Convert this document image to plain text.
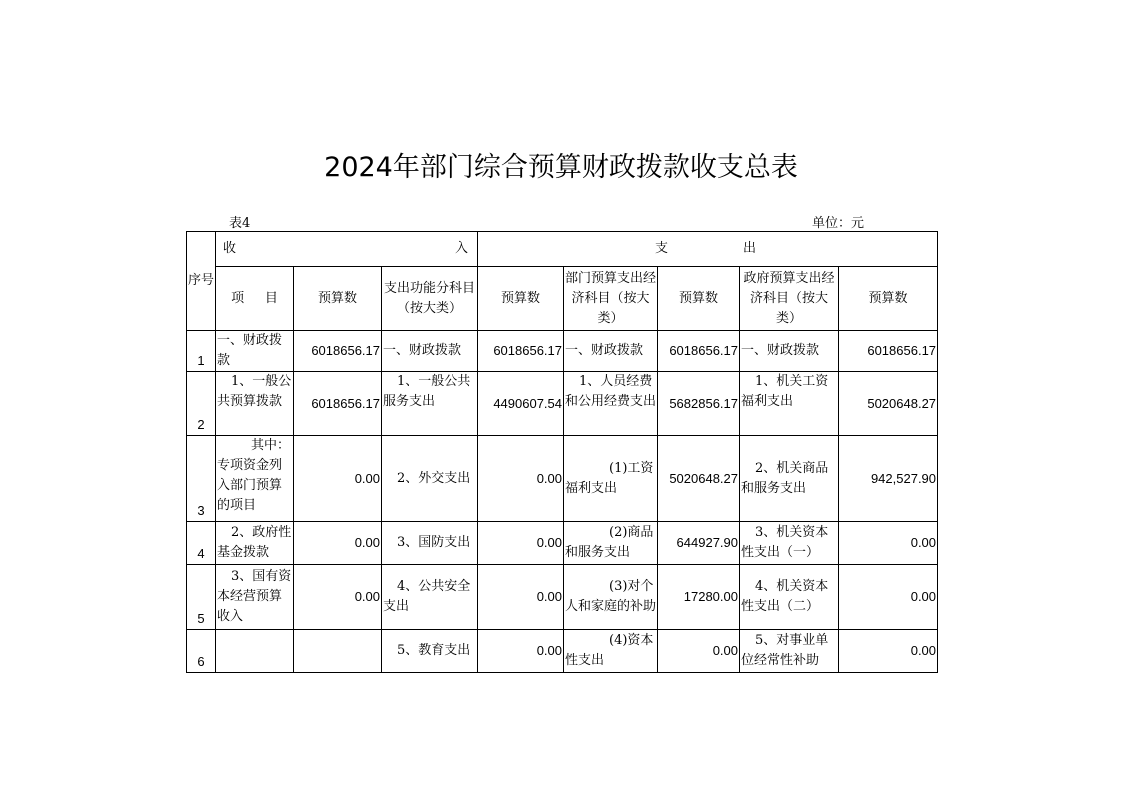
2024年部门综合预算财政拨款收支总表
表4	单位：元
序号	收 入			支 出				

	项 目	预算数	支出功能分科目（按大类）	预算数	部门预算支出经济科目（按大类）	预算数	政府预算支出经济科目（按大类）	预算数
1	一、财政拨款	6018656.17	一、财政拨款	6018656.17	一、财政拨款	6018656.17	一、财政拨款	6018656.17
2	1、一般公共预算拨款	6018656.17	1、一般公共服务支出	4490607.54	1、人员经费和公用经费支出	5682856.17	1、机关工资福利支出	5020648.27
3	其中：专项资金列入部门预算的项目	0.00	2、外交支出	0.00	(1)工资福利支出	5020648.27	2、机关商品和服务支出	942,527.90
4	2、政府性基金拨款	0.00	3、国防支出	0.00	(2)商品和服务支出	644927.90	3、机关资本性支出（一）	0.00
5	3、国有资本经营预算收入	0.00	4、公共安全支出	0.00	(3)对个人和家庭的补助	17280.00	4、机关资本性支出（二）	0.00
6			5、教育支出	0.00	(4)资本性支出	0.00	5、对事业单位经常性补助	0.00
